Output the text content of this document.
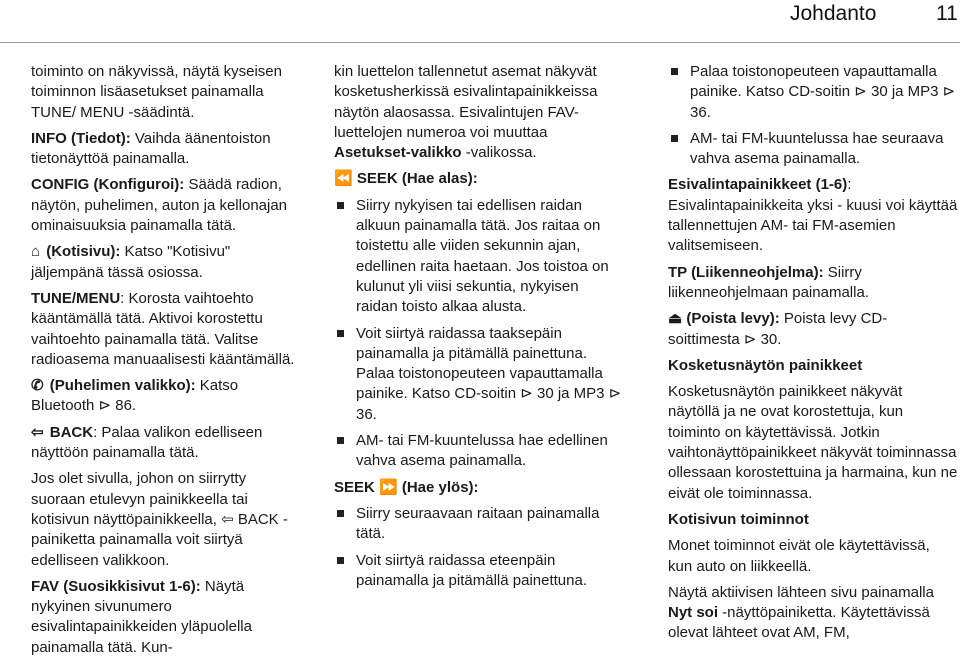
Johdanto	11

toiminto on näkyvissä, näytä kyseisen toiminnon lisäasetukset painamalla TUNE/ MENU -säädintä.

INFO (Tiedot): Vaihda äänentoiston tietonäyttöä painamalla.

CONFIG (Konfiguroi): Säädä radion, näytön, puhelimen, auton ja kellonajan ominaisuuksia painamalla tätä.

⌂ (Kotisivu): Katso "Kotisivu" jäljempänä tässä osiossa.

TUNE/MENU: Korosta vaihtoehto kääntämällä tätä. Aktivoi korostettu vaihtoehto painamalla tätä. Valitse radioasema manuaalisesti kääntämällä.

✆ (Puhelimen valikko): Katso Bluetooth ⊳ 86.

⇦ BACK: Palaa valikon edelliseen näyttöön painamalla tätä.

Jos olet sivulla, johon on siirrytty suoraan etulevyn painikkeella tai kotisivun näyttöpainikkeella, ⇦ BACK -painiketta painamalla voit siirtyä edelliseen valikkoon.

FAV (Suosikkisivut 1-6): Näytä nykyinen sivunumero esivalintapainikkeiden yläpuolella painamalla tätä. Kun-

kin luettelon tallennetut asemat näkyvät kosketusherkissä esivalintapainikkeissa näytön alaosassa. Esivalintujen FAV-luettelojen numeroa voi muuttaa Asetukset-valikko -valikossa.

⏪ SEEK (Hae alas):

Siirry nykyisen tai edellisen raidan alkuun painamalla tätä. Jos raitaa on toistettu alle viiden sekunnin ajan, edellinen raita haetaan. Jos toistoa on kulunut yli viisi sekuntia, nykyisen raidan toisto alkaa alusta.
Voit siirtyä raidassa taaksepäin painamalla ja pitämällä painettuna. Palaa toistonopeuteen vapauttamalla painike. Katso CD-soitin ⊳ 30 ja MP3 ⊳ 36.
AM- tai FM-kuuntelussa hae edellinen vahva asema painamalla.

SEEK ⏩ (Hae ylös):

Siirry seuraavaan raitaan painamalla tätä.
Voit siirtyä raidassa eteenpäin painamalla ja pitämällä painettuna.
Palaa toistonopeuteen vapauttamalla painike. Katso CD-soitin ⊳ 30 ja MP3 ⊳ 36.
AM- tai FM-kuuntelussa hae seuraava vahva asema painamalla.

Esivalintapainikkeet (1-6): Esivalintapainikkeita yksi - kuusi voi käyttää tallennettujen AM- tai FM-asemien valitsemiseen.

TP (Liikenneohjelma): Siirry liikenneohjelmaan painamalla.

⏏ (Poista levy): Poista levy CD-soittimesta ⊳ 30.

Kosketusnäytön painikkeet

Kosketusnäytön painikkeet näkyvät näytöllä ja ne ovat korostettuja, kun toiminto on käytettävissä. Jotkin vaihtonäyttöpainikkeet näkyvät toiminnassa ollessaan korostettuina ja harmaina, kun ne eivät ole toiminnassa.

Kotisivun toiminnot

Monet toiminnot eivät ole käytettävissä, kun auto on liikkeellä.

Näytä aktiivisen lähteen sivu painamalla Nyt soi -näyttöpainiketta. Käytettävissä olevat lähteet ovat AM, FM,
